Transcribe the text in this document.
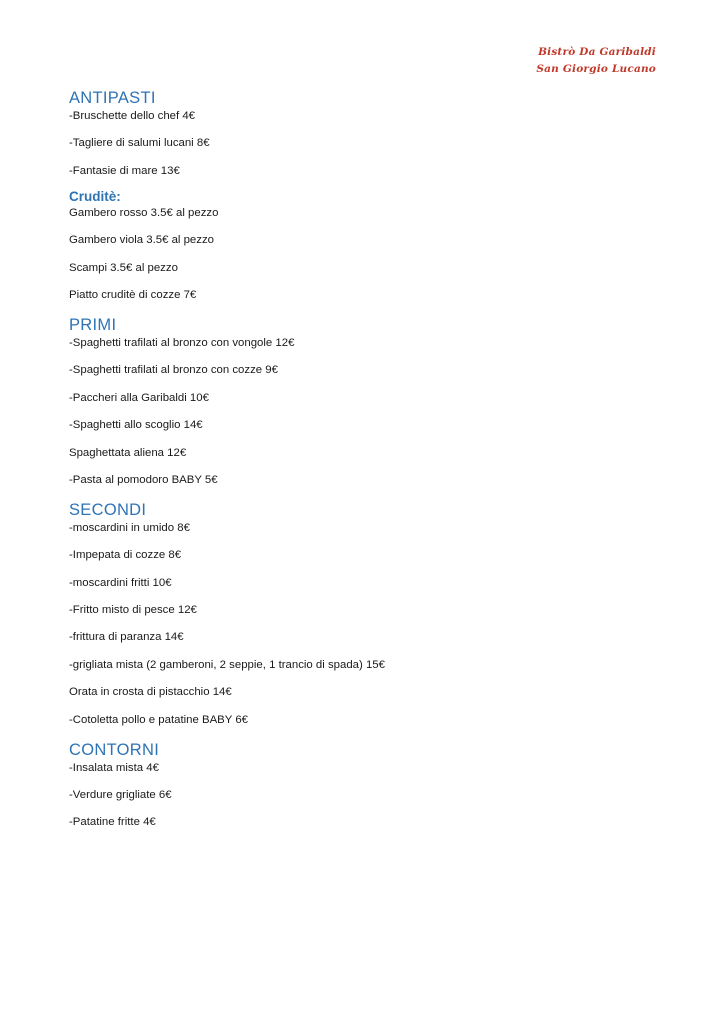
Bistrò Da Garibaldi
San Giorgio Lucano
ANTIPASTI
-Bruschette dello chef 4€
-Tagliere di salumi lucani 8€
-Fantasie di mare 13€
Cruditè:
Gambero rosso 3.5€ al pezzo
Gambero viola 3.5€ al pezzo
Scampi 3.5€ al pezzo
Piatto cruditè di cozze 7€
PRIMI
-Spaghetti trafilati al bronzo con vongole 12€
-Spaghetti trafilati al bronzo con cozze 9€
-Paccheri alla Garibaldi 10€
-Spaghetti allo scoglio 14€
Spaghettata aliena 12€
-Pasta al pomodoro BABY 5€
SECONDI
-moscardini in umido 8€
-Impepata di cozze 8€
-moscardini fritti 10€
-Fritto misto di pesce 12€
-frittura di paranza 14€
-grigliata mista (2 gamberoni, 2 seppie, 1 trancio di spada) 15€
Orata in crosta di pistacchio 14€
-Cotoletta pollo e patatine BABY 6€
CONTORNI
-Insalata mista 4€
-Verdure grigliate 6€
-Patatine fritte 4€
